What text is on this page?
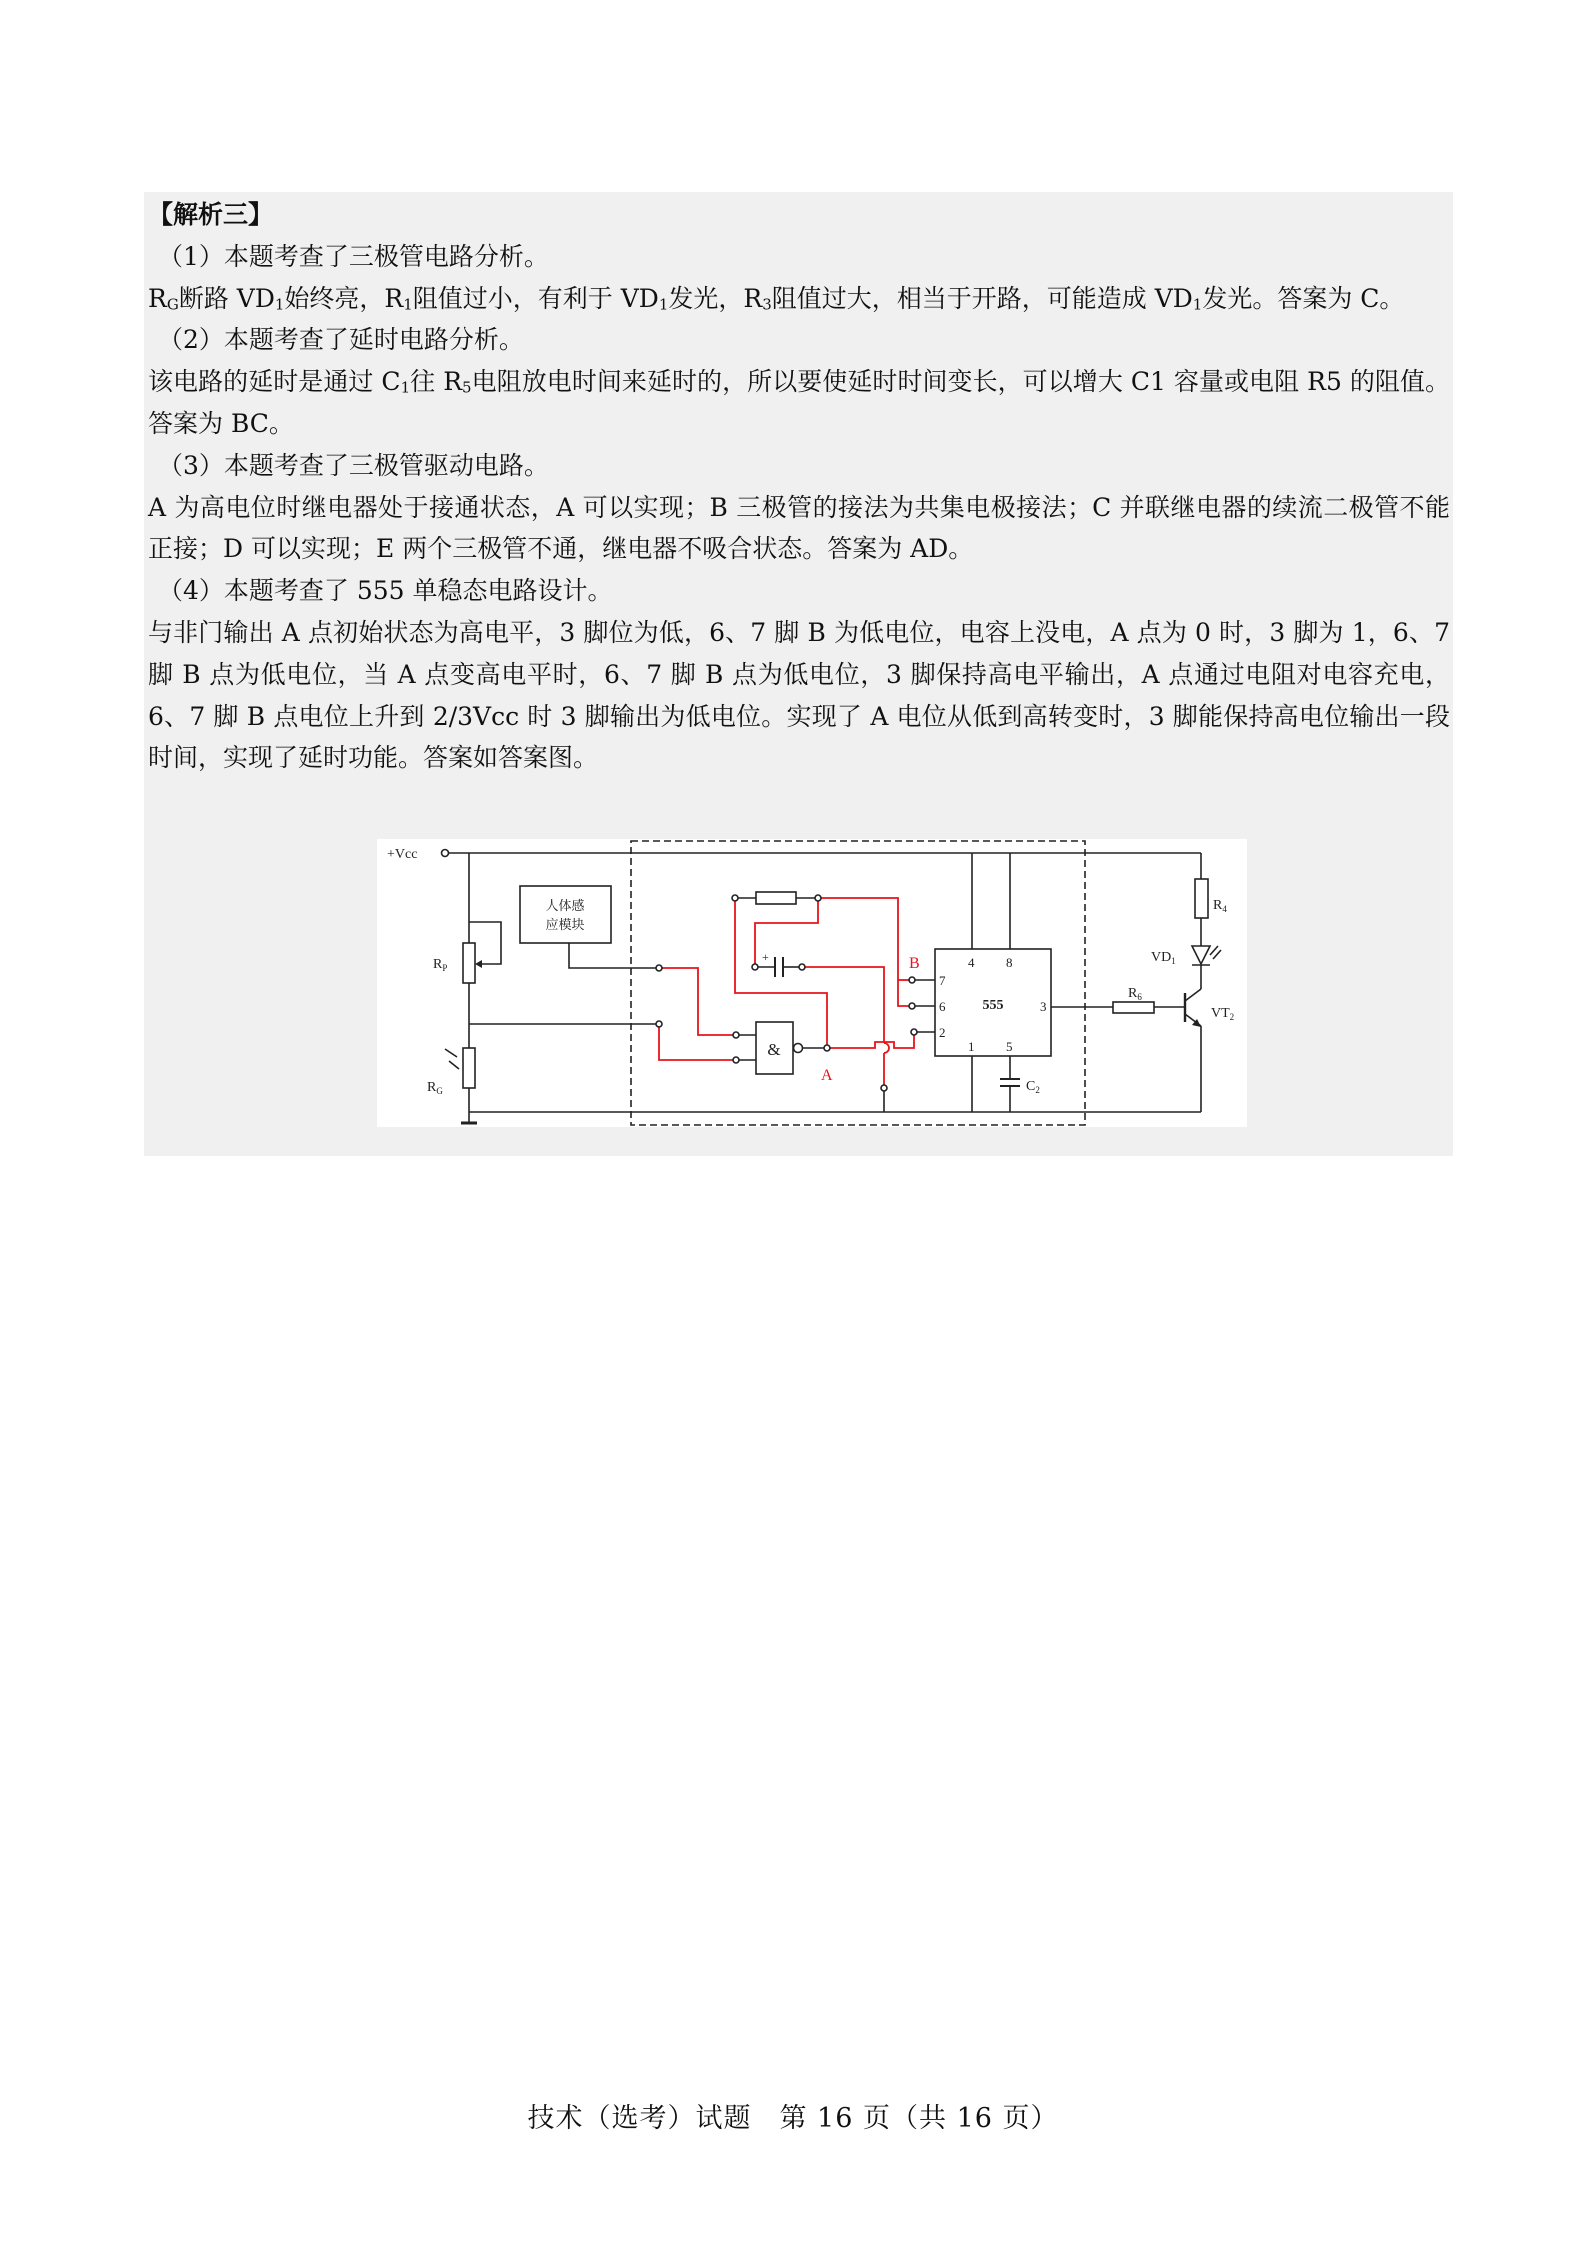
【解析三】

（1）本题考查了三极管电路分析。

$R_G$断路 $VD_1$始终亮，$R_1$阻值过小，有利于 $VD_1$发光，$R_3$阻值过大，相当于开路，可能造成 $VD_1$发光。答案为 C。

（2）本题考查了延时电路分析。

该电路的延时是通过 $C_1$往 $R_5$电阻放电时间来延时的，所以要使延时时间变长，可以增大 C1 容量或电阻 R5 的阻值。答案为 BC。

（3）本题考查了三极管驱动电路。

A 为高电位时继电器处于接通状态，A 可以实现；B 三极管的接法为共集电极接法；C 并联继电器的续流二极管不能正接；D 可以实现；E 两个三极管不通，继电器不吸合状态。答案为 AD。

（4）本题考查了 555 单稳态电路设计。

与非门输出 A 点初始状态为高电平，3 脚位为低，6、7 脚 B 为低电位，电容上没电，A 点为 0 时，3 脚为 1，6、7 脚 B 点为低电位，当 A 点变高电平时，6、7 脚 B 点为低电位，3 脚保持高电平输出，A 点通过电阻对电容充电，6、7 脚 B 点电位上升到 2/3Vcc 时 3 脚输出为低电位。实现了 A 电位从低到高转变时，3 脚能保持高电位输出一段时间，实现了延时功能。答案如答案图。

+Vcc
$R_P$
$R_G$
人体感
应模块
+
&
A
B	4 8
7
6
2
1 5
3
555
$C_2$
$R_4$
$VD_1$
$R_6$
$VT_2$
技术（选考）试题　第 16 页（共 16 页）
